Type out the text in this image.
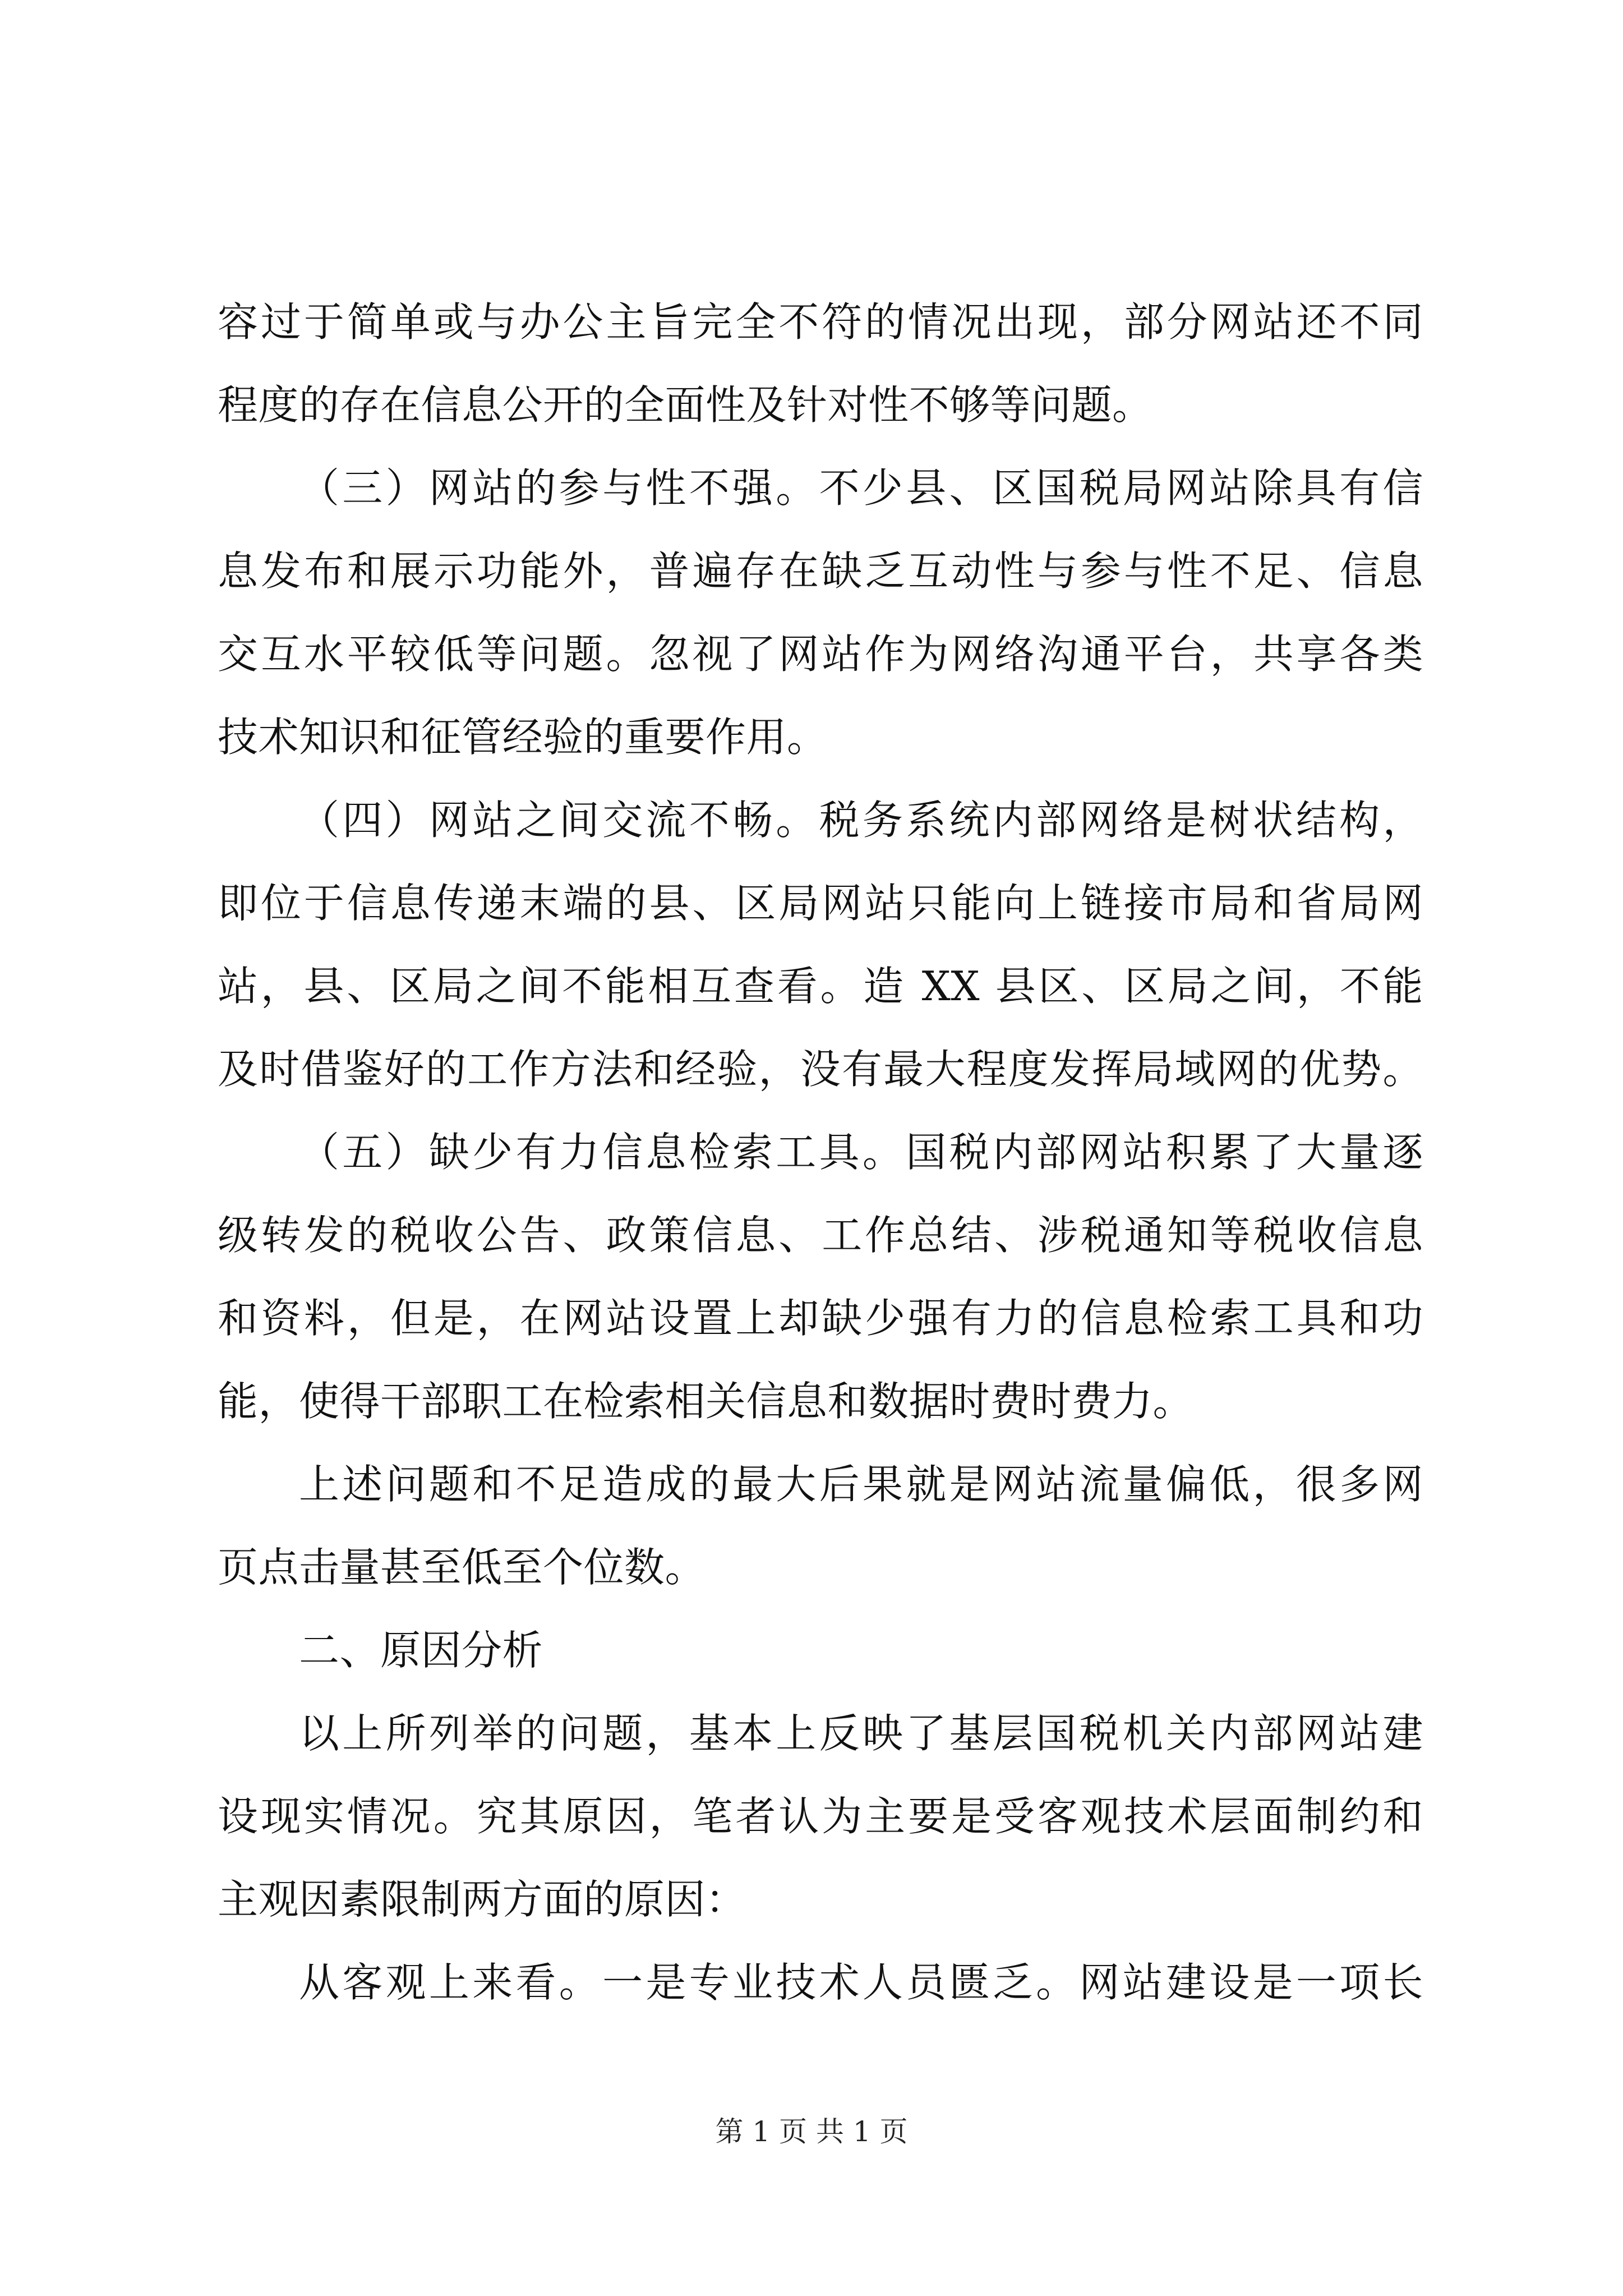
容过于简单或与办公主旨完全不符的情况出现，部分网站还不同
程度的存在信息公开的全面性及针对性不够等问题。
（三）网站的参与性不强。不少县、区国税局网站除具有信
息发布和展示功能外，普遍存在缺乏互动性与参与性不足、信息
交互水平较低等问题。忽视了网站作为网络沟通平台，共享各类
技术知识和征管经验的重要作用。
（四）网站之间交流不畅。税务系统内部网络是树状结构，
即位于信息传递末端的县、区局网站只能向上链接市局和省局网
站，县、区局之间不能相互查看。造 XX 县区、区局之间，不能
及时借鉴好的工作方法和经验，没有最大程度发挥局域网的优势。
（五）缺少有力信息检索工具。国税内部网站积累了大量逐
级转发的税收公告、政策信息、工作总结、涉税通知等税收信息
和资料，但是，在网站设置上却缺少强有力的信息检索工具和功
能，使得干部职工在检索相关信息和数据时费时费力。
上述问题和不足造成的最大后果就是网站流量偏低，很多网
页点击量甚至低至个位数。
二、原因分析
以上所列举的问题，基本上反映了基层国税机关内部网站建
设现实情况。究其原因，笔者认为主要是受客观技术层面制约和
主观因素限制两方面的原因：
从客观上来看。一是专业技术人员匮乏。网站建设是一项长
第 1 页 共 1 页
